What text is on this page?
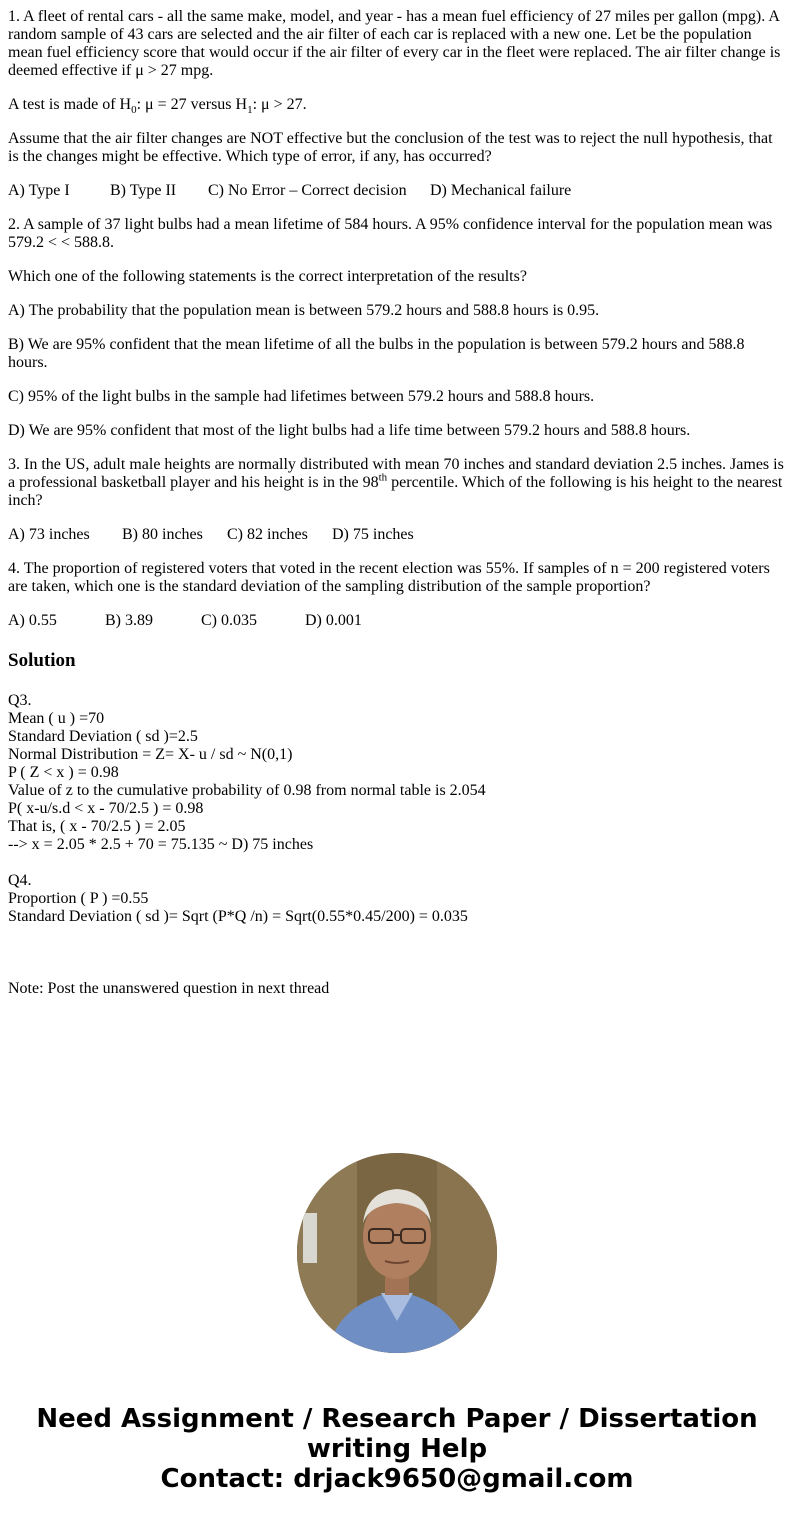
1. A fleet of rental cars - all the same make, model, and year - has a mean fuel efficiency of 27 miles per gallon (mpg). A random sample of 43 cars are selected and the air filter of each car is replaced with a new one. Let be the population mean fuel efficiency score that would occur if the air filter of every car in the fleet were replaced. The air filter change is deemed effective if μ > 27 mpg.

A test is made of $H_0$: μ = 27 versus $H_1$: μ > 27.

Assume that the air filter changes are NOT effective but the conclusion of the test was to reject the null hypothesis, that is the changes might be effective. Which type of error, if any, has occurred?

A) Type I	B) Type II C) No Error – Correct decision D) Mechanical failure

2. A sample of 37 light bulbs had a mean lifetime of 584 hours. A 95% confidence interval for the population mean was 579.2 < < 588.8.

Which one of the following statements is the correct interpretation of the results?

A) The probability that the population mean is between 579.2 hours and 588.8 hours is 0.95.

B) We are 95% confident that the mean lifetime of all the bulbs in the population is between 579.2 hours and 588.8 hours.

C) 95% of the light bulbs in the sample had lifetimes between 579.2 hours and 588.8 hours.

D) We are 95% confident that most of the light bulbs had a life time between 579.2 hours and 588.8 hours.

3. In the US, adult male heights are normally distributed with mean 70 inches and standard deviation 2.5 inches. James is a professional basketball player and his height is in the 98th percentile. Which of the following is his height to the nearest inch?

A) 73 inches B) 80 inches C) 82 inches D) 75 inches

4. The proportion of registered voters that voted in the recent election was 55%. If samples of n = 200 registered voters are taken, which one is the standard deviation of the sampling distribution of the sample proportion?

A) 0.55	B) 3.89	C) 0.035	D) 0.001

Solution
Q3.
Mean ( u ) =70
Standard Deviation ( sd )=2.5
Normal Distribution = Z= X- u / sd ~ N(0,1)
P ( Z < x ) = 0.98
Value of z to the cumulative probability of 0.98 from normal table is 2.054
P( x-u/s.d < x - 70/2.5 ) = 0.98
That is, ( x - 70/2.5 ) = 2.05
--> x = 2.05 * 2.5 + 70 = 75.135 ~ D) 75 inches
Q4.
Proportion ( P ) =0.55
Standard Deviation ( sd )= Sqrt (P*Q /n) = Sqrt(0.55*0.45/200) = 0.035
Note: Post the unanswered question in next thread
Need Assignment / Research Paper / Dissertation
writing Help
Contact: drjack9650@gmail.com
